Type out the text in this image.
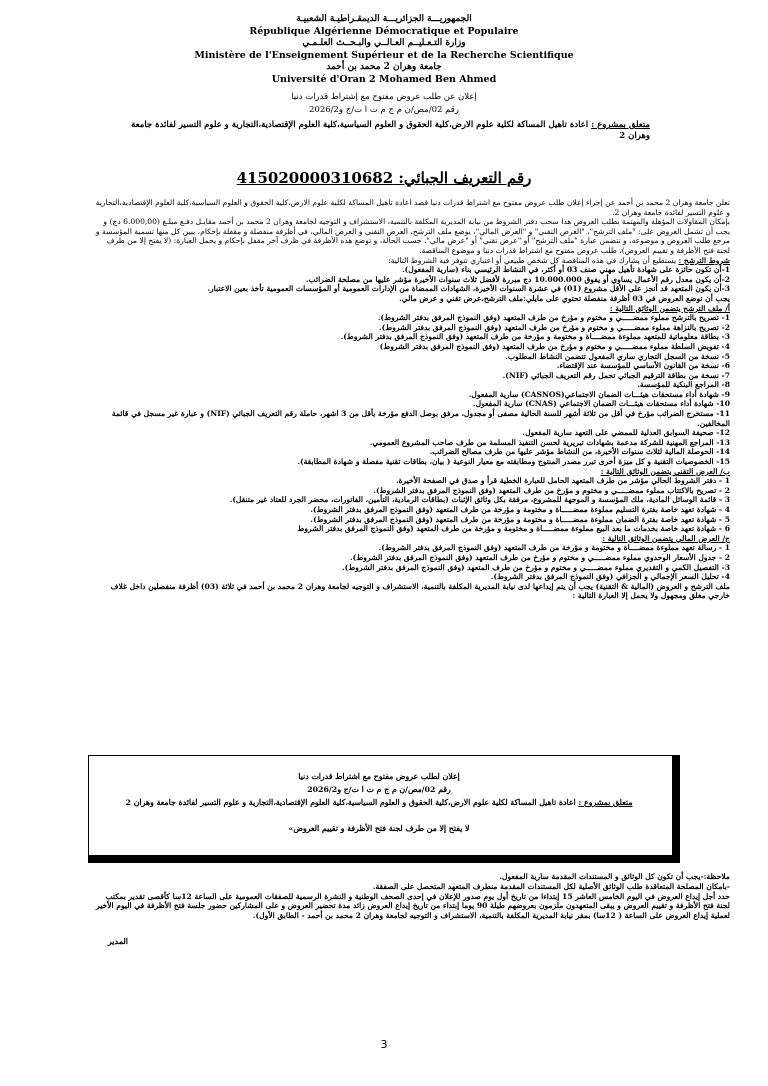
الجمهوريـــة الجزائريـــة الديمقـراطيـة الشعبيـة
République Algérienne Démocratique et Populaire
وزارة التـعـليــم العـالــي والبـحــث العلـمـي
Ministère de l'Enseignement Supérieur et de la Recherche Scientifique
جامعة وهران 2 محمد بن أحمد
Université d'Oran 2 Mohamed Ben Ahmed
إعلان عن طلب عروض مفتوح مع إشتراط قدرات دنيا
رقم 02/مص/ن م ج م ت ا ت/ج و2026/2
متعلق بمشروع : اعادة تاهيل المساكة لكلية علوم الارض،كلية الحقوق و العلوم السياسية،كلية العلوم الإقتصادية،التجارية و علوم التسير لفائدة جامعة وهران 2
رقم التعريف الجبائي: 415020000310682

تعلن جامعة وهران 2 محمد بن أحمد عن إجراء إعلان طلب عروض مفتوح مع اشتراط قدرات دنيا قصد اعادة تاهيل المساكة لكلية علوم الارض،كلية الحقوق و العلوم السياسية،كلية العلوم الإقتصادية،التجارية و علوم التسير لفائدة جامعة وهران 2.

بإمكان المقاولات المؤهلة والمهتمة بطلب العروض هذا سحب دفتر الشروط من نيابة المديرية المكلفة بالتنمية، الاستشراف و التوجيه لجامعة وهران 2 محمد بن أحمد مقابـل دفـع مبلـغ (6.000,00 دج) و يجب أن تشمل العروض على: "ملف الترشح"، "العرض التقني" و "العرض المالي"، يوضع ملف الترشح، العرض التقني و العرض المالي، في أظرفة منفصلة و مقفلة بإحكام، يبين كل منها تسمية المؤسسة و مرجع طلب العروض و موضوعه، و تتضمن عبارة "ملف الترشح" أو "عرض تقني" أو "عرض مالي"، حسب الحالة، و توضع هذه الأظرفة في ظرف آخر مقفل بإحكام و يحمل العبارة: (لا يفتح إلا من طرف لجنة فتح الأظرفة و تقييم العروض)، طلب عروض مفتوح مع اشتراط قدرات دنيا و موضوع المناقصة.

شروط الترشح : يستطيع أن يشارك في هذه المناقصة كل شخص طبيعي أو اعتباري تتوفر فيه الشروط التالية:

1-أن تكون حائزة على شهادة تأهيل مهني صنف 03 أو أكثر، في النشاط الرئيسي بناء (سارية المفعول).

2-أن يكون معدل رقم الأعمال يساوي أو يفوق 10.000.000 دج مبررة لأفضل ثلاث سنوات الأخيرة مؤشر عليها من مصلحة الضرائب.

3-أن يكون المتعهد قد أنجز على الأقل مشروع (01) في عشرة السنوات الأخيرة، الشهادات الممضاة من الإدارات العمومية أو المؤسسات العمومية تأخذ بعين الاعتبار.

يجب أن توضع العروض في 03 أظرفة منفصلة تحتوي على مايلي:ملف الترشح،عرض تقني و عرض مالي.

أ/ ملف الترشح يتضمن الوثائق التالية :

1- تصريح بالترشح مملوء ممضـــــي و مختوم و مؤرخ من طرف المتعهد (وفق النموذج المرفق بدفتر الشروط).

2- تصريح بالنزاهة مملوء ممضـــــي و مختوم و مؤرخ من طرف المتعهد (وفق النموذج المرفق بدفتر الشروط).

3- بطاقة معلوماتية للمتعهد مملوءة ممضــــاة و مختومة و مؤرخة من طرف المتعهد (وفق النموذج المرفق بدفتر الشروط).

4- تفويض السلطة مملوء ممضـــــي و مختوم و مؤرخ من طرف المتعهد (وفق النموذج المرفق بدفتر الشروط)

5- نسخة من السجل التجاري ساري المفعول تتضمن النشاط المطلوب.

6- نسخة من القانون الأساسي للمؤسسة عند الإقتضاء.

7- نسخة من بطاقة الترقيم الجبائي تحمل رقم التعريف الجبائي (NIF).

8- المراجع البنكية للمؤسسة.

9- شهادة أداء مستحقات هيئـــات الضمان الاجتماعي(CASNOS) سارية المفعول.

10- شهادة أداء مستحقات هيئـــات الضمان الاجتماعي (CNAS) سارية المفعول.

11- مستخرج الضرائب مؤرخ في أقل من ثلاثة أشهر للسنة الحالية مصفى أو مجدول، مرفق بوصل الدفع مؤرخة بأقل من 3 اشهر، حاملة رقم التعريف الجبائي (NIF) و عبارة غير مسجل في قائمة المخالفين.

12- صحيفة السوابق العدلية للممضي على التعهد سارية المفعول.

13- المراجع المهنية للشركة مدعمة بشهادات تبريرية لحسن التنفيذ المسلمة من طرف صاحب المشروع العمومي.

14- الحوصلة المالية لثلاث سنوات الأخيرة، من النشاط مؤشر عليها من طرف مصالح الضرائب.

15- الخصوصيات التقنية و كل ميزة أخرى تبرر مصدر المنتوج ومطابقته مع معيار النوعية ( بيان، بطاقات تقنية مفصلة و شهادة المطابقة).

ب/ العرض التقني يتضمن الوثائق التالية :

1 - دفتر الشروط الحالي مؤشر من طرف المتعهد الحامل للعبارة الخطية قرأ و صدق في الصفحة الأخيرة.

2 - تصريح بالاكتتاب مملوء ممضـــــي و مختوم و مؤرخ من طرف المتعهد (وفق النموذج المرفق بدفتر الشروط).

3 - قائمة الوسائل المادية، ملك المؤسسة و الموجهة للمشروع، مرفقة بكل وثائق الإثبات (بطاقات الرمادية، التأمين، الفاتورات، محضر الجرد للعتاد غير متنقل).

4 - شهادة تعهد خاصة بفترة التسليم مملوءة ممضـــــاة و مختومة و مؤرخة من طرف المتعهد (وفق النموذج المرفق بدفتر الشروط).

5 - شهادة تعهد خاصة بفترة الضمان مملوءة ممضـــــاة و مختومة و مؤرخة من طرف المتعهد (وفق النموذج المرفق بدفتر الشروط).

6 - شهادة تعهد خاصة بخدمات ما بعد البيع مملوءة ممضـــــاة و مختومة و مؤرخة من طرف المتعهد (وفق النموذج المرفق بدفتر الشروط

ج/ العرض المالي يتضمن الوثائق التالية :

1 - رسالة تعهد مملوءة ممضــــاة و مختومة و مؤرخة من طرف المتعهد (وفق النموذج المرفق بدفتر الشروط).

2 - جدول الأسعار الوحدوي مملوء ممضـــــي و مختوم و مؤرخ من طرف المتعهد (وفق النموذج المرفق بدفتر الشروط).

3- التفصيل الكمي و التقديري مملوء ممضـــــي و مختوم و مؤرخ من طرف المتعهد (وفق النموذج المرفق بدفتر الشروط).

4- تحليل السعر الإجمالي و الجزافي (وفق النموذج المرفق بدفتر الشروط).

ملف الترشح و العروض (المالية & التقنية) يجب أن يتم إيداعها لدى نيابة المديرية المكلفة بالتنمية، الاستشراف و التوجيه لجامعة وهران 2 محمد بن أحمد في ثلاثة (03) أظرفة منفصلين داخل غلاف خارجي مغلق ومجهول ولا يحمل إلا العبارة التالية :

إعلان لطلب عروض مفتوح مع اشتراط قدرات دنيا
رقم 02/مص/ن م ج م ت ا ت/ج و2026/2
متعلق بمشروع : اعادة تاهيل المساكة لكلية علوم الارض،كلية الحقوق و العلوم السياسية،كلية العلوم الإقتصادية،التجارية و علوم التسير لفائدة جامعة وهران 2
لا يفتح إلا من طرف لجنة فتح الأظرفة و تقييم العروض»

ملاحظة:-يجب أن تكون كل الوثائق و المستندات المقدمة سارية المفعول.

-بامكان المصلحة المتعاقدة طلب الوثائق الأصلية لكل المستندات المقدمة منطرف المتعهد المتحصل على الصفقة.

حدد أجل إيداع العروض في اليوم الخامس العاشر 15 إبتداءا من تاريخ أول يوم صدور للإعلان في إحدى الصحف الوطنية و النشرة الرسمية للصفقات العمومية على الساعة 12سا كأقصى تقدير بمكتب لجنة فتح الأظرفة و تقييم العروض و يبقى المتعهدون ملزمون بعروضهم طيلة 90 يوما إبتداء من تاريخ إيداع العروض زائد مدة تحضير العروض و على المشاركين حضور جلسة فتح الأظرفة في اليوم الأخير لعملية إيداع العروض على الساعة ( 12سا) بمقر نيابة المديرية المكلفة بالتنمية، الاستشراف و التوجيه لجامعة وهران 2 محمد بن أحمد - الطابق الأول).

المدير
3
